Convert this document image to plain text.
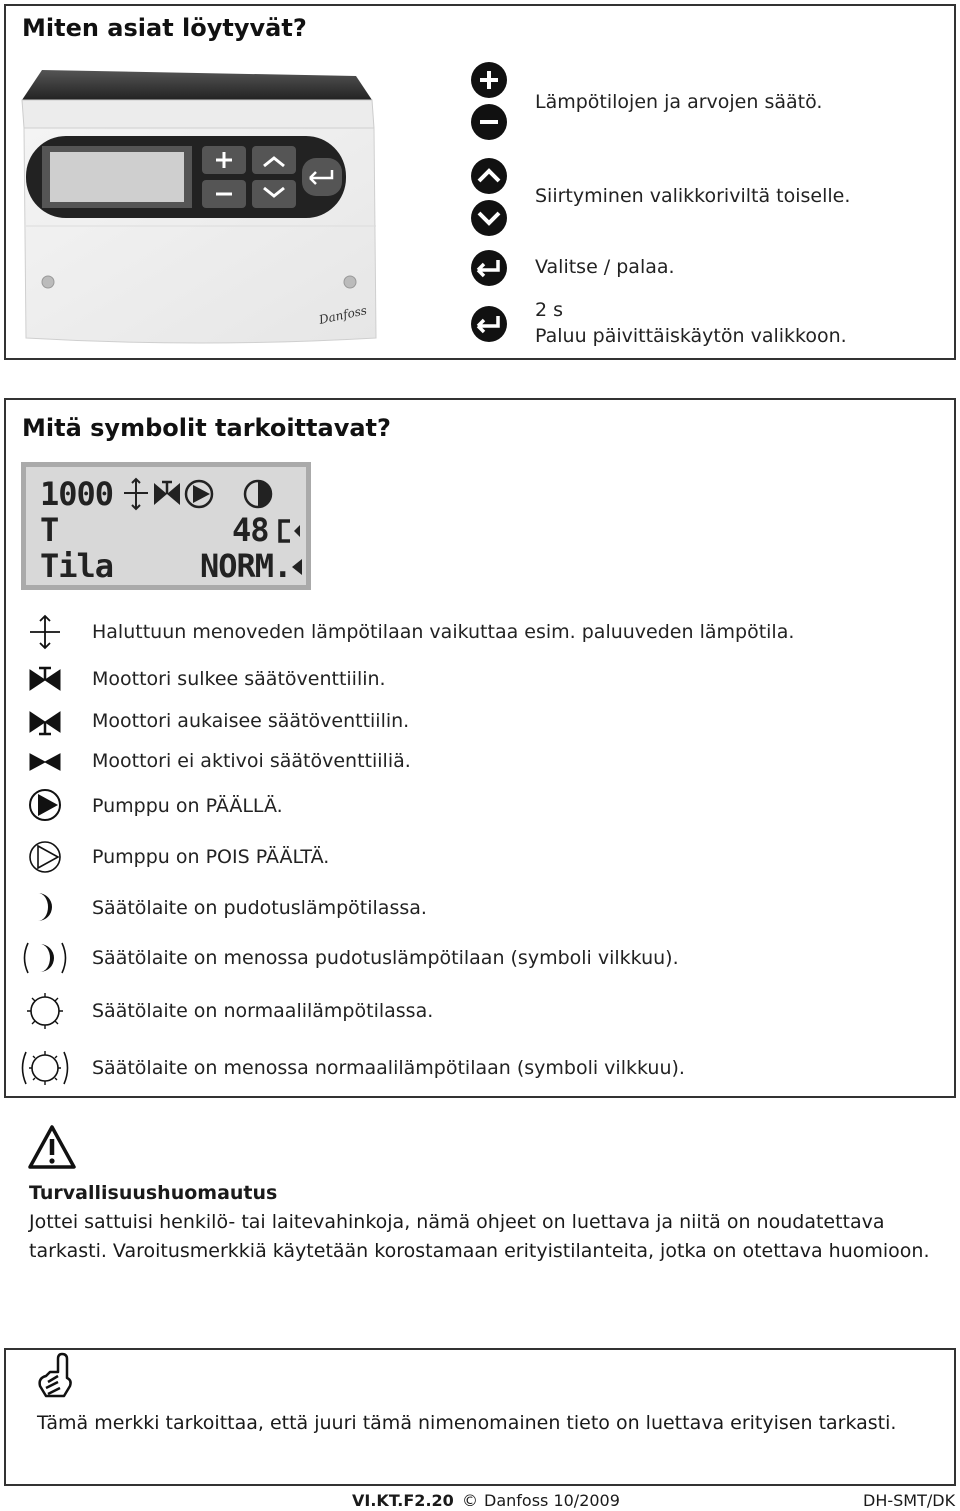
Miten asiat löytyvät?
Danfoss
Lämpötilojen ja arvojen säätö.
Siirtyminen valikkoriviltä toiselle.
Valitse / palaa.
2 s
Paluu päivittäiskäytön valikkoon.
Mitä symbolit tarkoittavat?
1000
T	48
Tila	NORM.
Haluttuun menoveden lämpötilaan vaikuttaa esim. paluuveden lämpötila.
Moottori sulkee säätöventtiilin.
Moottori aukaisee säätöventtiilin.
Moottori ei aktivoi säätöventtiiliä.
Pumppu on PÄÄLLÄ.
Pumppu on POIS PÄÄLTÄ.
Säätölaite on pudotuslämpötilassa.
Säätölaite on menossa pudotuslämpötilaan (symboli vilkkuu).
Säätölaite on normaalilämpötilassa.
Säätölaite on menossa normaalilämpötilaan (symboli vilkkuu).
Turvallisuushuomautus
Jottei sattuisi henkilö- tai laitevahinkoja, nämä ohjeet on luettava ja niitä on noudatettava tarkasti. Varoitusmerkkiä käytetään korostamaan erityistilanteita, jotka on otettava huomioon.
Tämä merkki tarkoittaa, että juuri tämä nimenomainen tieto on luettava erityisen tarkasti.
VI.KT.F2.20 © Danfoss 10/2009	DH-SMT/DK
